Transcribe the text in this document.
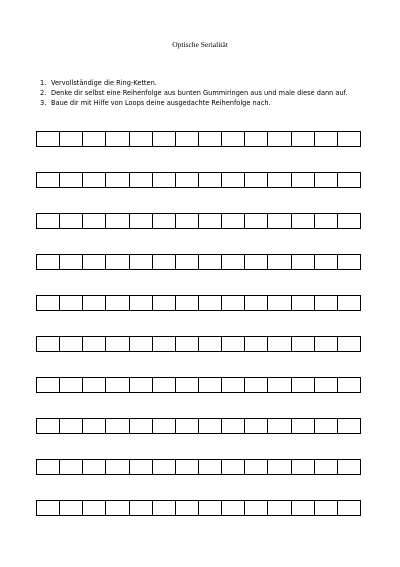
Optische Serialität
1. Vervollständige die Ring-Ketten.
2. Denke dir selbst eine Reihenfolge aus bunten Gummiringen aus und male diese dann auf.
3. Baue dir mit Hilfe von Loops deine ausgedachte Reihenfolge nach.
